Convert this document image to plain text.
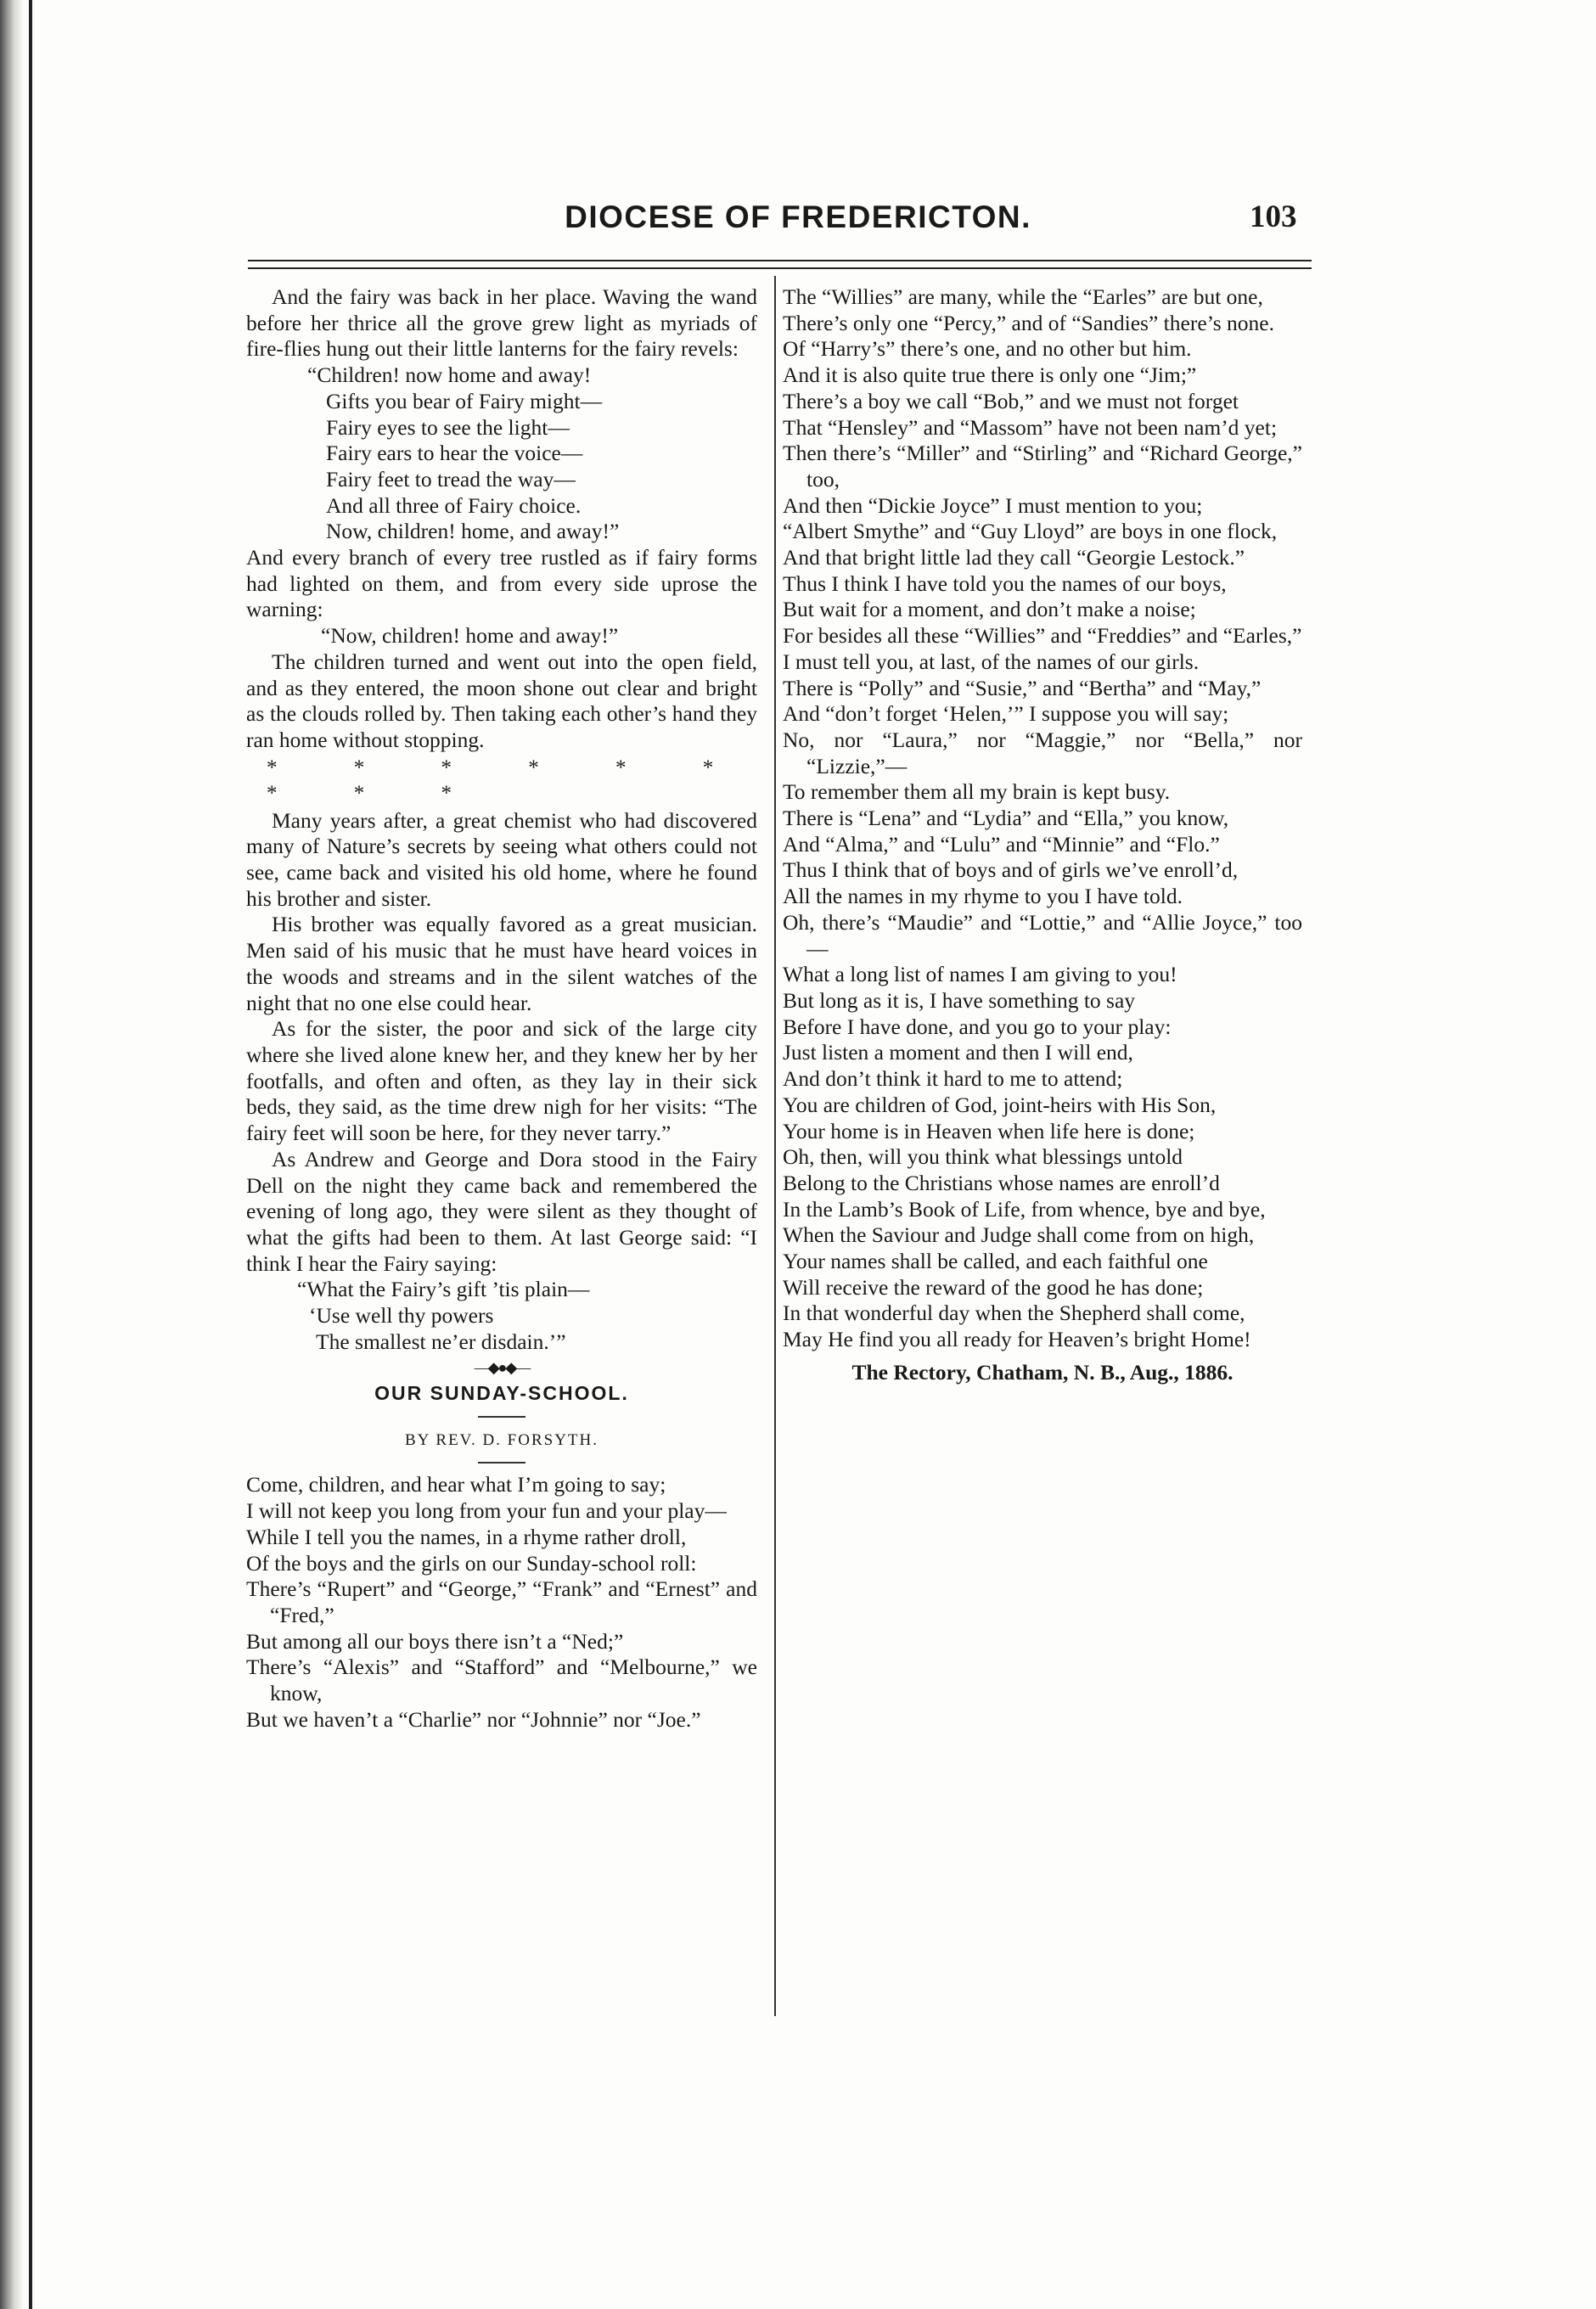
DIOCESE OF FREDERICTON.	103

And the fairy was back in her place. Waving the wand before her thrice all the grove grew light as myriads of fire-flies hung out their little lanterns for the fairy revels:

“Children! now home and away!
Gifts you bear of Fairy might—
Fairy eyes to see the light—
Fairy ears to hear the voice—
Fairy feet to tread the way—
And all three of Fairy choice.
Now, children! home, and away!”

And every branch of every tree rustled as if fairy forms had lighted on them, and from every side uprose the warning:

“Now, children! home and away!”

The children turned and went out into the open field, and as they entered, the moon shone out clear and bright as the clouds rolled by. Then taking each other’s hand they ran home without stopping.

* * * * * * * * *

Many years after, a great chemist who had discovered many of Nature’s secrets by seeing what others could not see, came back and visited his old home, where he found his brother and sister.

His brother was equally favored as a great musician. Men said of his music that he must have heard voices in the woods and streams and in the silent watches of the night that no one else could hear.

As for the sister, the poor and sick of the large city where she lived alone knew her, and they knew her by her footfalls, and often and often, as they lay in their sick beds, they said, as the time drew nigh for her visits: “The fairy feet will soon be here, for they never tarry.”

As Andrew and George and Dora stood in the Fairy Dell on the night they came back and remembered the evening of long ago, they were silent as they thought of what the gifts had been to them. At last George said: “I think I hear the Fairy saying:

“What the Fairy’s gift ’tis plain—
‘Use well thy powers
The smallest ne’er disdain.’”
—◆●◆—
OUR SUNDAY-SCHOOL.
BY REV. D. FORSYTH.

Come, children, and hear what I’m going to say;

I will not keep you long from your fun and your play—

While I tell you the names, in a rhyme rather droll,

Of the boys and the girls on our Sunday-school roll:

There’s “Rupert” and “George,” “Frank” and “Ernest” and “Fred,”

But among all our boys there isn’t a “Ned;”

There’s “Alexis” and “Stafford” and “Melbourne,” we know,

But we haven’t a “Charlie” nor “Johnnie” nor “Joe.”

The “Willies” are many, while the “Earles” are but one,

There’s only one “Percy,” and of “Sandies” there’s none.

Of “Harry’s” there’s one, and no other but him.

And it is also quite true there is only one “Jim;”

There’s a boy we call “Bob,” and we must not forget

That “Hensley” and “Massom” have not been nam’d yet;

Then there’s “Miller” and “Stirling” and “Richard George,” too,

And then “Dickie Joyce” I must mention to you;

“Albert Smythe” and “Guy Lloyd” are boys in one flock,

And that bright little lad they call “Georgie Lestock.”

Thus I think I have told you the names of our boys,

But wait for a moment, and don’t make a noise;

For besides all these “Willies” and “Freddies” and “Earles,”

I must tell you, at last, of the names of our girls.

There is “Polly” and “Susie,” and “Bertha” and “May,”

And “don’t forget ‘Helen,’” I suppose you will say;

No, nor “Laura,” nor “Maggie,” nor “Bella,” nor “Lizzie,”—

To remember them all my brain is kept busy.

There is “Lena” and “Lydia” and “Ella,” you know,

And “Alma,” and “Lulu” and “Minnie” and “Flo.”

Thus I think that of boys and of girls we’ve enroll’d,

All the names in my rhyme to you I have told.

Oh, there’s “Maudie” and “Lottie,” and “Allie Joyce,” too—

What a long list of names I am giving to you!

But long as it is, I have something to say

Before I have done, and you go to your play:

Just listen a moment and then I will end,

And don’t think it hard to me to attend;

You are children of God, joint-heirs with His Son,

Your home is in Heaven when life here is done;

Oh, then, will you think what blessings untold

Belong to the Christians whose names are enroll’d

In the Lamb’s Book of Life, from whence, bye and bye,

When the Saviour and Judge shall come from on high,

Your names shall be called, and each faithful one

Will receive the reward of the good he has done;

In that wonderful day when the Shepherd shall come,

May He find you all ready for Heaven’s bright Home!

The Rectory, Chatham, N. B., Aug., 1886.
